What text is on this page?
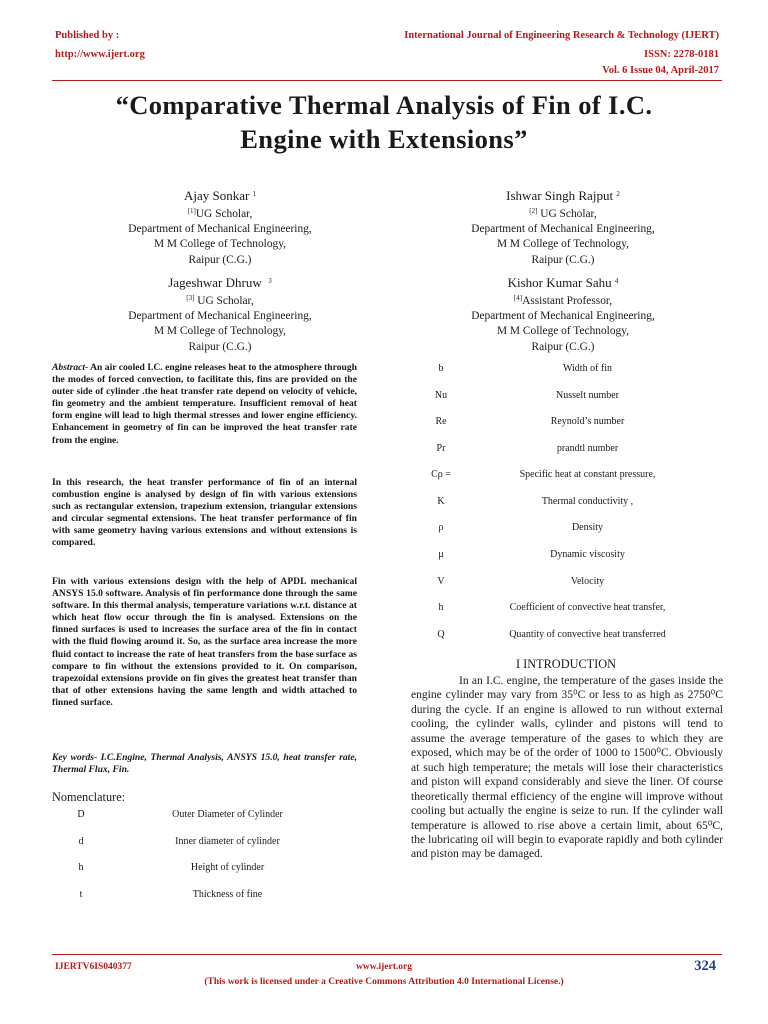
Published by :
http://www.ijert.org
International Journal of Engineering Research & Technology (IJERT)
ISSN: 2278-0181
Vol. 6 Issue 04, April-2017
“Comparative Thermal Analysis of Fin of I.C.
Engine with Extensions”
Ajay Sonkar $^1$
[1]UG Scholar,
Department of Mechanical Engineering,
M M College of Technology,
Raipur (C.G.)
Ishwar Singh Rajput $^2$
[2] UG Scholar,
Department of Mechanical Engineering,
M M College of Technology,
Raipur (C.G.)
Jageshwar Dhruw $^3$
[3] UG Scholar,
Department of Mechanical Engineering,
M M College of Technology,
Raipur (C.G.)
Kishor Kumar Sahu $^4$
[4]Assistant Professor,
Department of Mechanical Engineering,
M M College of Technology,
Raipur (C.G.)
Abstract- An air cooled I.C. engine releases heat to the atmosphere through the modes of forced convection, to facilitate this, fins are provided on the outer side of cylinder .the heat transfer rate depend on velocity of vehicle, fin geometry and the ambient temperature. Insufficient removal of heat form engine will lead to high thermal stresses and lower engine efficiency. Enhancement in geometry of fin can be improved the heat transfer rate from the engine.
In this research, the heat transfer performance of fin of an internal combustion engine is analysed by design of fin with various extensions such as rectangular extension, trapezium extension, triangular extensions and circular segmental extensions. The heat transfer performance of fin with same geometry having various extensions and without extensions is compared.
Fin with various extensions design with the help of APDL mechanical ANSYS 15.0 software. Analysis of fin performance done through the same software. In this thermal analysis, temperature variations w.r.t. distance at which heat flow occur through the fin is analysed. Extensions on the finned surfaces is used to increases the surface area of the fin in contact with the fluid flowing around it. So, as the surface area increase the more fluid contact to increase the rate of heat transfers from the base surface as compare to fin without the extensions provided to it. On comparison, trapezoidal extensions provide on fin gives the greatest heat transfer than that of other extensions having the same length and width attached to finned surface.
Key words- I.C.Engine, Thermal Analysis, ANSYS 15.0, heat transfer rate, Thermal Flux, Fin.
Nomenclature:
D	Outer Diameter of Cylinder
d	Inner diameter of cylinder
h	Height of cylinder
t	Thickness of fine
b	Width of fin
Nu	Nusselt number
Re	Reynold’s number
Pr	prandtl number
Cρ =	Specific heat at constant pressure,
K	Thermal conductivity ,
ρ	Density
μ	Dynamic viscosity
V	Velocity
h	Coefficient of convective heat transfer,
Q	Quantity of convective heat transferred
I INTRODUCTION
In an I.C. engine, the temperature of the gases inside the engine cylinder may vary from 35⁰C or less to as high as 2750⁰C during the cycle. If an engine is allowed to run without external cooling, the cylinder walls, cylinder and pistons will tend to assume the average temperature of the gases to which they are exposed, which may be of the order of 1000 to 1500⁰C. Obviously at such high temperature; the metals will lose their characteristics and piston will expand considerably and sieve the liner. Of course theoretically thermal efficiency of the engine will improve without cooling but actually the engine is seize to run. If the cylinder wall temperature is allowed to rise above a certain limit, about 65⁰C, the lubricating oil will begin to evaporate rapidly and both cylinder and piston may be damaged.
www.ijert.org
IJERTV6IS040377	324
(This work is licensed under a Creative Commons Attribution 4.0 International License.)
